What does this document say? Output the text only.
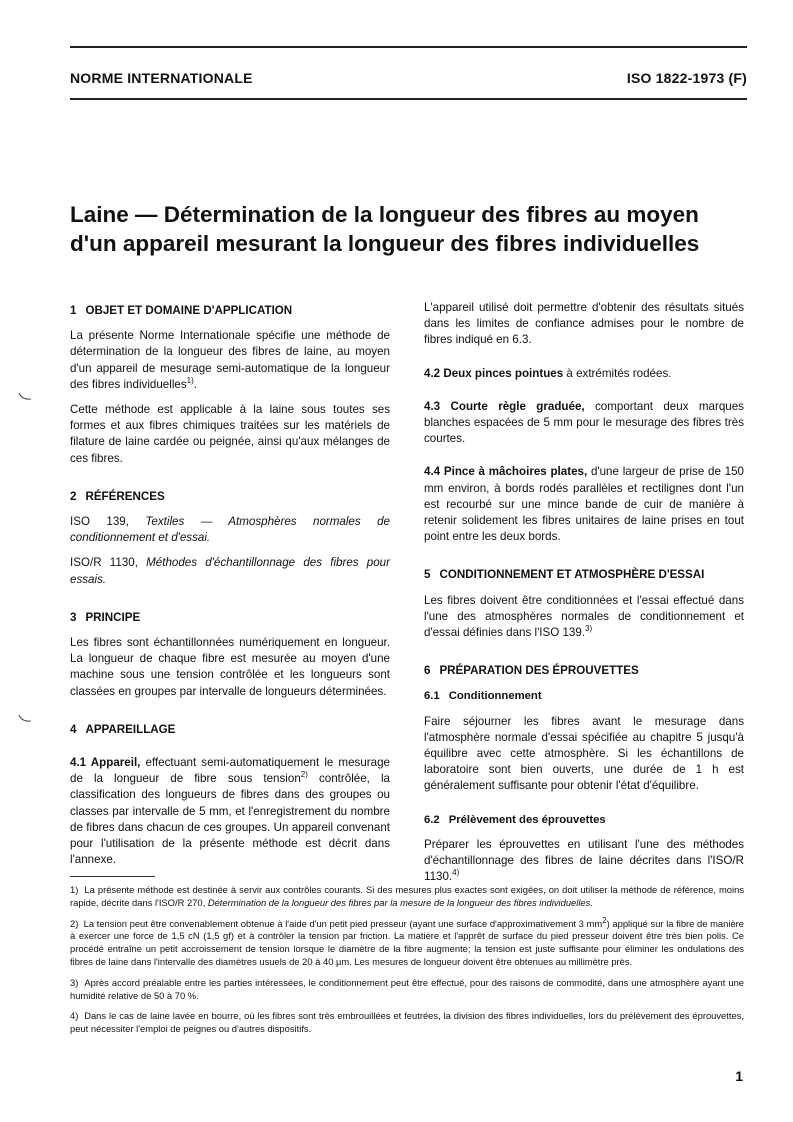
NORME INTERNATIONALE	ISO 1822-1973 (F)
Laine — Détermination de la longueur des fibres au moyen
d'un appareil mesurant la longueur des fibres individuelles
1 OBJET ET DOMAINE D'APPLICATION

La présente Norme Internationale spécifie une méthode de détermination de la longueur des fibres de laine, au moyen d'un appareil de mesurage semi-automatique de la longueur des fibres individuelles$^{1)}$.

Cette méthode est applicable à la laine sous toutes ses formes et aux fibres chimiques traitées sur les matériels de filature de laine cardée ou peignée, ainsi qu'aux mélanges de ces fibres.

2 RÉFÉRENCES

ISO 139, Textiles — Atmosphères normales de conditionnement et d'essai.

ISO/R 1130, Méthodes d'échantillonnage des fibres pour essais.

3 PRINCIPE

Les fibres sont échantillonnées numériquement en longueur. La longueur de chaque fibre est mesurée au moyen d'une machine sous une tension contrôlée et les longueurs sont classées en groupes par intervalle de longueurs déterminées.

4 APPAREILLAGE

4.1 Appareil, effectuant semi-automatiquement le mesurage de la longueur de fibre sous tension$^{2)}$ contrôlée, la classification des longueurs de fibres dans des groupes ou classes par intervalle de 5 mm, et l'enregistrement du nombre de fibres dans chacun de ces groupes. Un appareil convenant pour l'utilisation de la présente méthode est décrit dans l'annexe.

L'appareil utilisé doit permettre d'obtenir des résultats situés dans les limites de confiance admises pour le nombre de fibres indiqué en 6.3.

4.2 Deux pinces pointues à extrémités rodées.

4.3 Courte règle graduée, comportant deux marques blanches espacées de 5 mm pour le mesurage des fibres très courtes.

4.4 Pince à mâchoires plates, d'une largeur de prise de 150 mm environ, à bords rodés parallèles et rectilignes dont l'un est recourbé sur une mince bande de cuir de manière à retenir solidement les fibres unitaires de laine prises en tout point entre les deux bords.

5 CONDITIONNEMENT ET ATMOSPHÈRE D'ESSAI

Les fibres doivent être conditionnées et l'essai effectué dans l'une des atmosphères normales de conditionnement et d'essai définies dans l'ISO 139.$^{3)}$

6 PRÉPARATION DES ÉPROUVETTES
6.1 Conditionnement

Faire séjourner les fibres avant le mesurage dans l'atmosphère normale d'essai spécifiée au chapitre 5 jusqu'à équilibre avec cette atmosphère. Si les échantillons de laboratoire sont bien ouverts, une durée de 1 h est généralement suffisante pour obtenir l'état d'équilibre.

6.2 Prélèvement des éprouvettes

Préparer les éprouvettes en utilisant l'une des méthodes d'échantillonnage des fibres de laine décrites dans l'ISO/R 1130.$^{4)}$

1) La présente méthode est destinée à servir aux contrôles courants. Si des mesures plus exactes sont exigées, on doit utiliser la méthode de référence, moins rapide, décrite dans l'ISO/R 270, Détermination de la longueur des fibres par la mesure de la longueur des fibres individuelles.

2) La tension peut être convenablement obtenue à l'aide d'un petit pied presseur (ayant une surface d'approximativement 3 mm2) appliqué sur la fibre de manière à exercer une force de 1,5 cN (1,5 gf) et à contrôler la tension par friction. La matière et l'apprêt de surface du pied presseur doivent être très bien polis. Ce procédé entraîne un petit accroissement de tension lorsque le diamètre de la fibre augmente; la tension est juste suffisante pour éliminer les ondulations des fibres de laine dans l'intervalle des diamètres usuels de 20 à 40 µm. Les mesures de longueur doivent être obtenues au millimètre près.

3) Après accord préalable entre les parties intéressées, le conditionnement peut être effectué, pour des raisons de commodité, dans une atmosphère ayant une humidité relative de 50 à 70 %.

4) Dans le cas de laine lavée en bourre, où les fibres sont très embrouillées et feutrées, la division des fibres individuelles, lors du prélèvement des éprouvettes, peut nécessiter l'emploi de peignes ou d'autres dispositifs.

1
